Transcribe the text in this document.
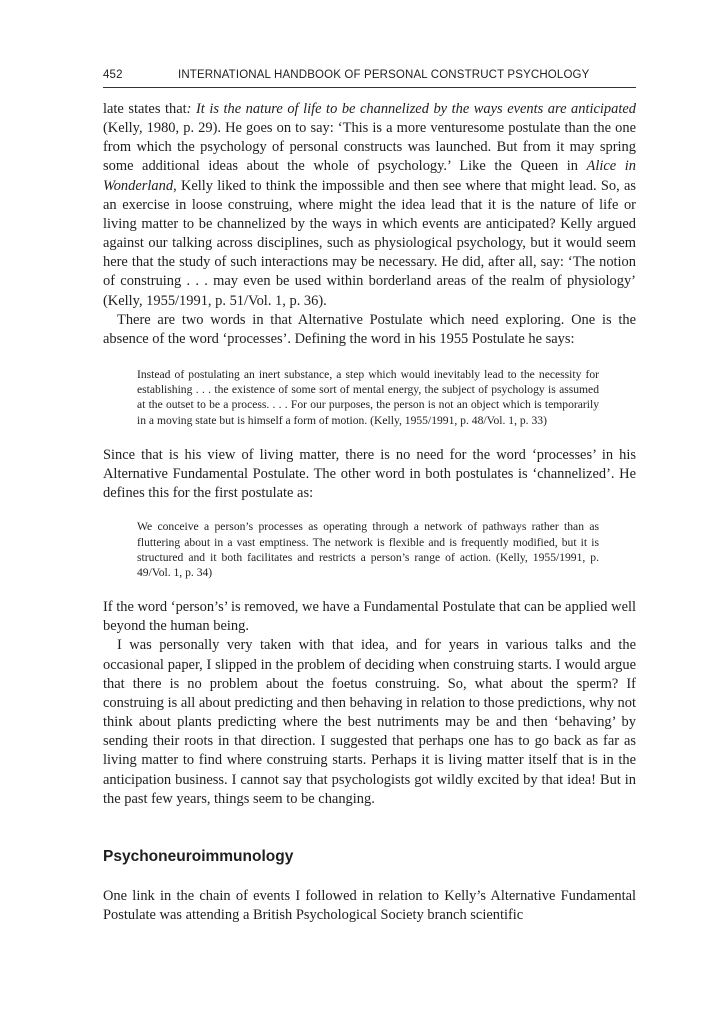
452	INTERNATIONAL HANDBOOK OF PERSONAL CONSTRUCT PSYCHOLOGY

late states that: It is the nature of life to be channelized by the ways events are anticipated (Kelly, 1980, p. 29). He goes on to say: ‘This is a more venturesome postulate than the one from which the psychology of personal constructs was launched. But from it may spring some additional ideas about the whole of psychology.’ Like the Queen in Alice in Wonderland, Kelly liked to think the impossible and then see where that might lead. So, as an exercise in loose construing, where might the idea lead that it is the nature of life or living matter to be channelized by the ways in which events are anticipated? Kelly argued against our talking across disciplines, such as physiological psychology, but it would seem here that the study of such interactions may be necessary. He did, after all, say: ‘The notion of construing . . . may even be used within borderland areas of the realm of physiology’ (Kelly, 1955/1991, p. 51/Vol. 1, p. 36).

There are two words in that Alternative Postulate which need exploring. One is the absence of the word ‘processes’. Defining the word in his 1955 Postulate he says:

Instead of postulating an inert substance, a step which would inevitably lead to the necessity for establishing . . . the existence of some sort of mental energy, the subject of psychology is assumed at the outset to be a process. . . . For our purposes, the person is not an object which is temporarily in a moving state but is himself a form of motion. (Kelly, 1955/1991, p. 48/Vol. 1, p. 33)

Since that is his view of living matter, there is no need for the word ‘processes’ in his Alternative Fundamental Postulate. The other word in both postulates is ‘channelized’. He defines this for the first postulate as:

We conceive a person’s processes as operating through a network of pathways rather than as fluttering about in a vast emptiness. The network is flexible and is frequently modified, but it is structured and it both facilitates and restricts a person’s range of action. (Kelly, 1955/1991, p. 49/Vol. 1, p. 34)

If the word ‘person’s’ is removed, we have a Fundamental Postulate that can be applied well beyond the human being.

I was personally very taken with that idea, and for years in various talks and the occasional paper, I slipped in the problem of deciding when construing starts. I would argue that there is no problem about the foetus construing. So, what about the sperm? If construing is all about predicting and then behaving in relation to those predictions, why not think about plants predicting where the best nutriments may be and then ‘behaving’ by sending their roots in that direction. I suggested that perhaps one has to go back as far as living matter to find where construing starts. Perhaps it is living matter itself that is in the anticipation business. I cannot say that psychologists got wildly excited by that idea! But in the past few years, things seem to be changing.

Psychoneuroimmunology

One link in the chain of events I followed in relation to Kelly’s Alternative Fundamental Postulate was attending a British Psychological Society branch scientific
